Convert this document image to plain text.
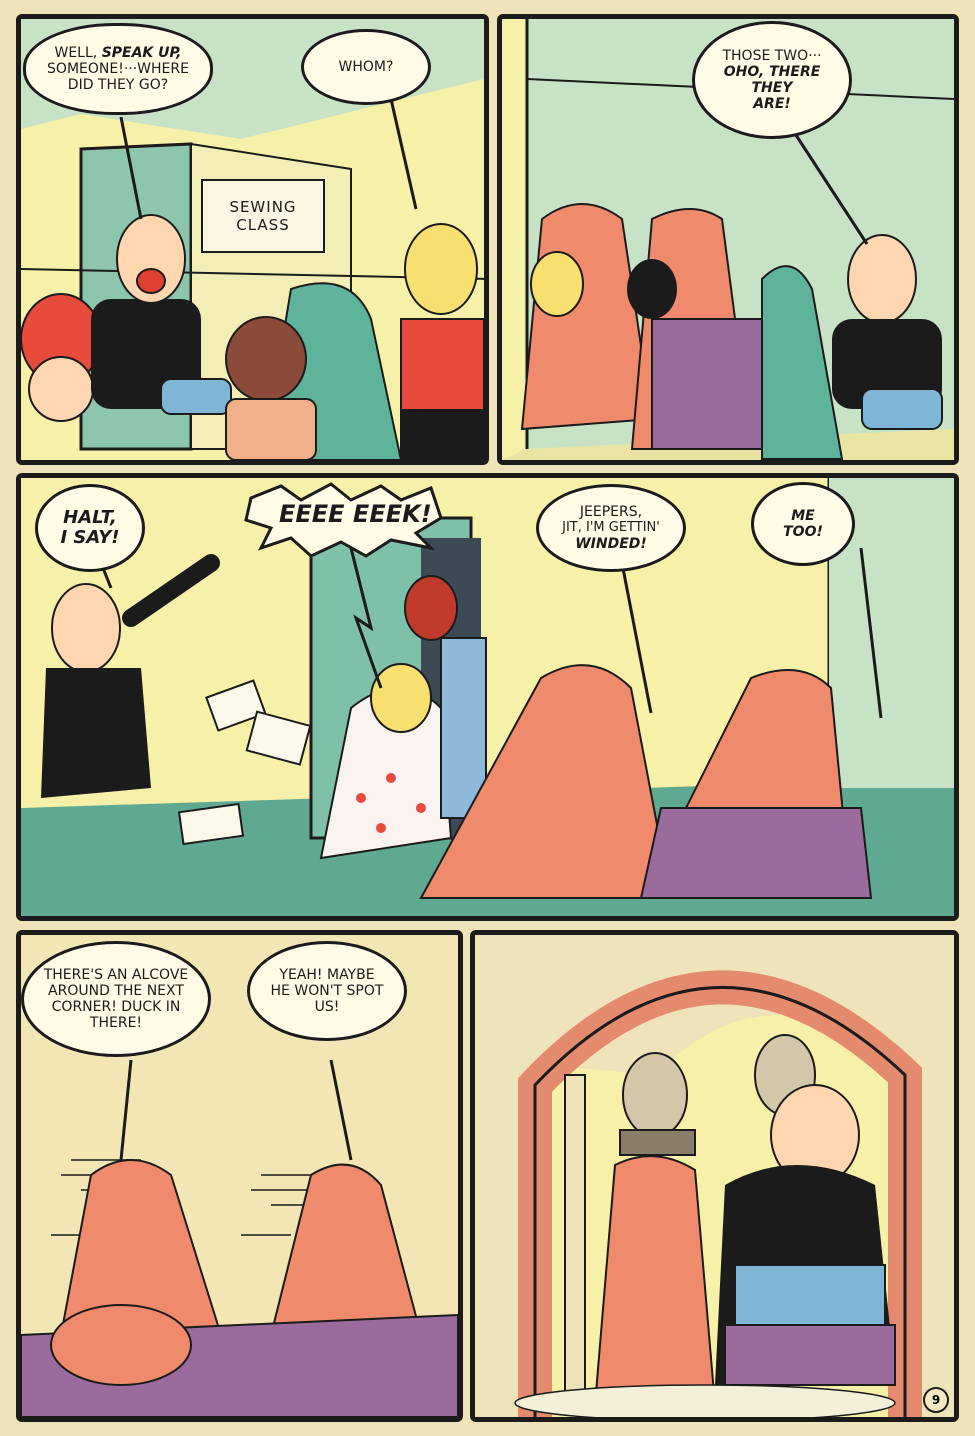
SEWING
CLASS
WELL, SPEAK UP,
SOMEONE!···WHERE
DID THEY GO?
WHOM?
THOSE TWO···
OHO, THERE
THEY
ARE!
HALT,
I SAY!
EEEE EEEK!	JEEPERS,
JIT, I'M GETTIN'
WINDED!
ME
TOO!
THERE'S AN ALCOVE
AROUND THE NEXT
CORNER! DUCK IN
THERE!
YEAH! MAYBE
HE WON'T SPOT
US!
9
